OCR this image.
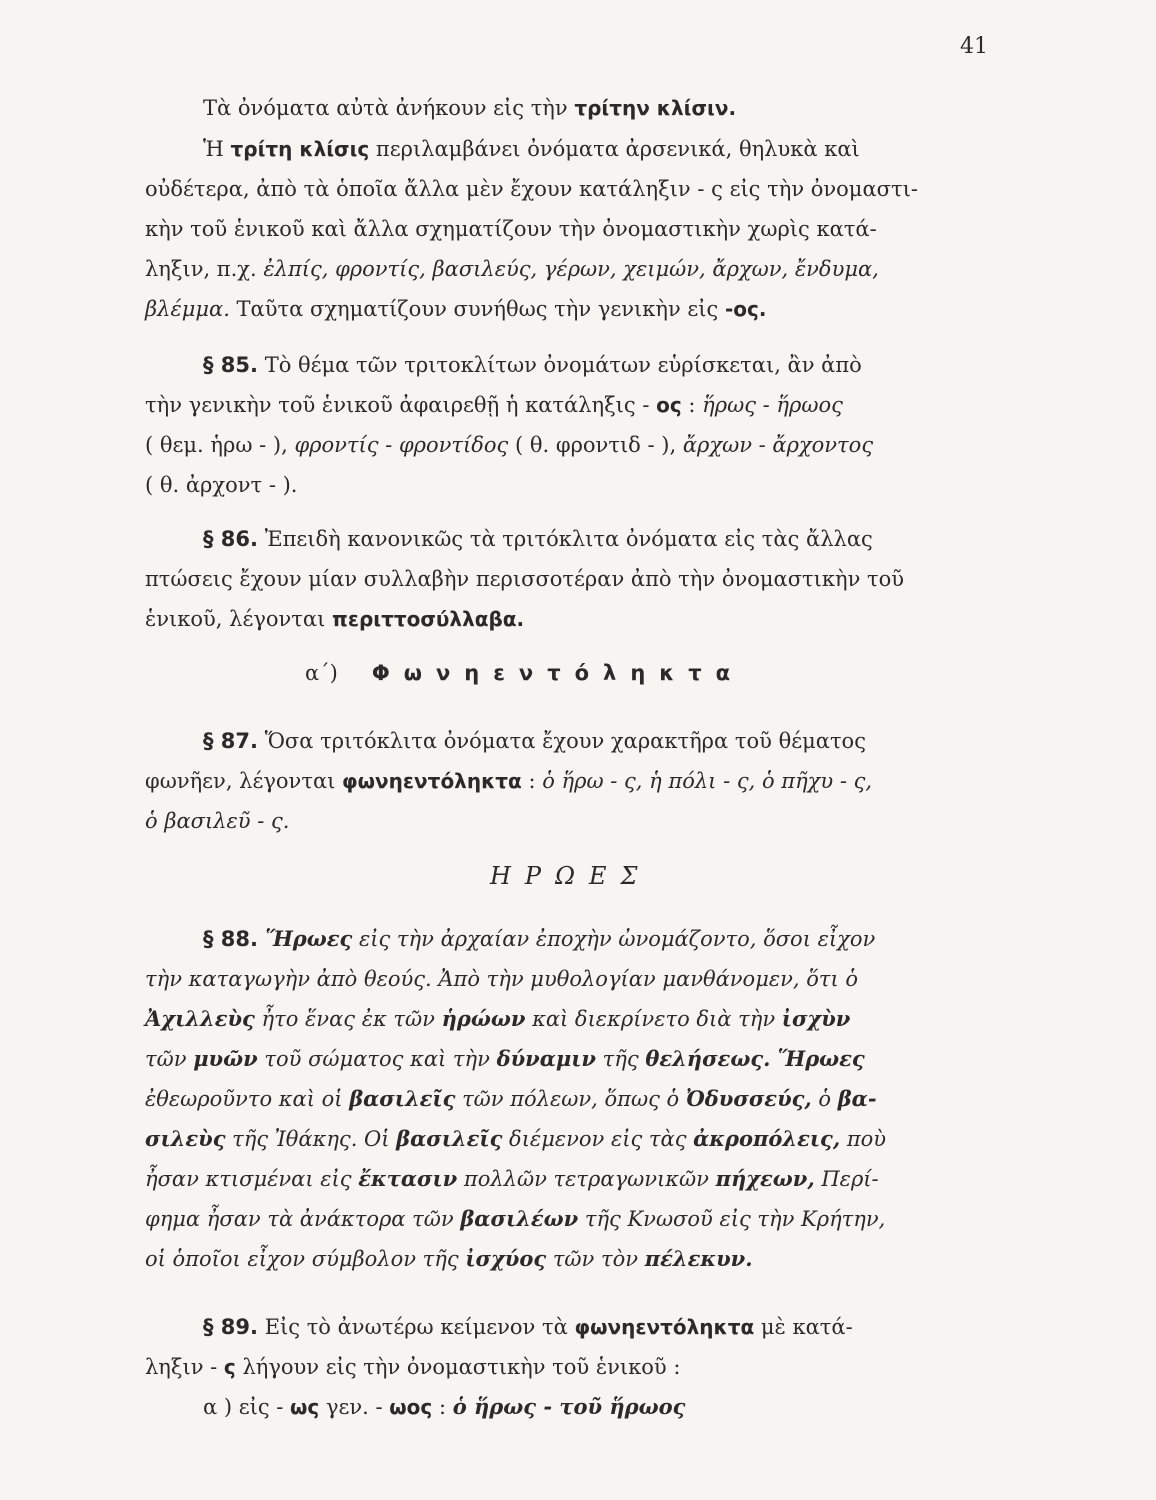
41
Τὰ ὀνόματα αὐτὰ ἀνήκουν εἰς τὴν τρίτην κλίσιν.
Ἡ τρίτη κλίσις περιλαμβάνει ὀνόματα ἀρσενικά, θηλυκὰ καὶ
οὐδέτερα, ἀπὸ τὰ ὁποῖα ἄλλα μὲν ἔχουν κατάληξιν - ς εἰς τὴν ὀνομαστι-
κὴν τοῦ ἑνικοῦ καὶ ἄλλα σχηματίζουν τὴν ὀνομαστικὴν χωρὶς κατά-
ληξιν, π.χ. ἐλπίς, φροντίς, βασιλεύς, γέρων, χειμών, ἄρχων, ἔνδυμα,
βλέμμα. Ταῦτα σχηματίζουν συνήθως τὴν γενικὴν εἰς -ος.
§ 85. Τὸ θέμα τῶν τριτοκλίτων ὀνομάτων εὑρίσκεται, ἂν ἀπὸ
τὴν γενικὴν τοῦ ἑνικοῦ ἀφαιρεθῇ ἡ κατάληξις - ος : ἥρως - ἥρωος
( θεμ. ἡρω - ), φροντίς - φροντίδος ( θ. φροντιδ - ), ἄρχων - ἄρχοντος
( θ. ἀρχοντ - ).
§ 86. Ἐπειδὴ κανονικῶς τὰ τριτόκλιτα ὀνόματα εἰς τὰς ἄλλας
πτώσεις ἔχουν μίαν συλλαβὴν περισσοτέραν ἀπὸ τὴν ὀνομαστικὴν τοῦ
ἑνικοῦ, λέγονται περιττοσύλλαβα.
α΄) Φωνηεντόληκτα
§ 87. Ὅσα τριτόκλιτα ὀνόματα ἔχουν χαρακτῆρα τοῦ θέματος
φωνῆεν, λέγονται φωνηεντόληκτα : ὁ ἥρω - ς, ἡ πόλι - ς, ὁ πῆχυ - ς,
ὁ βασιλεῦ - ς.
ΗΡΩΕΣ
§ 88. Ἥρωες εἰς τὴν ἀρχαίαν ἐποχὴν ὠνομάζοντο, ὅσοι εἶχον
τὴν καταγωγὴν ἀπὸ θεούς. Ἀπὸ τὴν μυθολογίαν μανθάνομεν, ὅτι ὁ
Ἀχιλλεὺς ἦτο ἕνας ἐκ τῶν ἡρώων καὶ διεκρίνετο διὰ τὴν ἰσχὺν
τῶν μυῶν τοῦ σώματος καὶ τὴν δύναμιν τῆς θελήσεως. Ἥρωες
ἐθεωροῦντο καὶ οἱ βασιλεῖς τῶν πόλεων, ὅπως ὁ Ὀδυσσεύς, ὁ βα-
σιλεὺς τῆς Ἰθάκης. Οἱ βασιλεῖς διέμενον εἰς τὰς ἀκροπόλεις, ποὺ
ἦσαν κτισμέναι εἰς ἔκτασιν πολλῶν τετραγωνικῶν πήχεων, Περί-
φημα ἦσαν τὰ ἀνάκτορα τῶν βασιλέων τῆς Κνωσοῦ εἰς τὴν Κρήτην,
οἱ ὁποῖοι εἶχον σύμβολον τῆς ἰσχύος τῶν τὸν πέλεκυν.
§ 89. Εἰς τὸ ἀνωτέρω κείμενον τὰ φωνηεντόληκτα μὲ κατά-
ληξιν - ς λήγουν εἰς τὴν ὀνομαστικὴν τοῦ ἑνικοῦ :
α ) εἰς - ως γεν. - ωος : ὁ ἥρως - τοῦ ἥρωος
